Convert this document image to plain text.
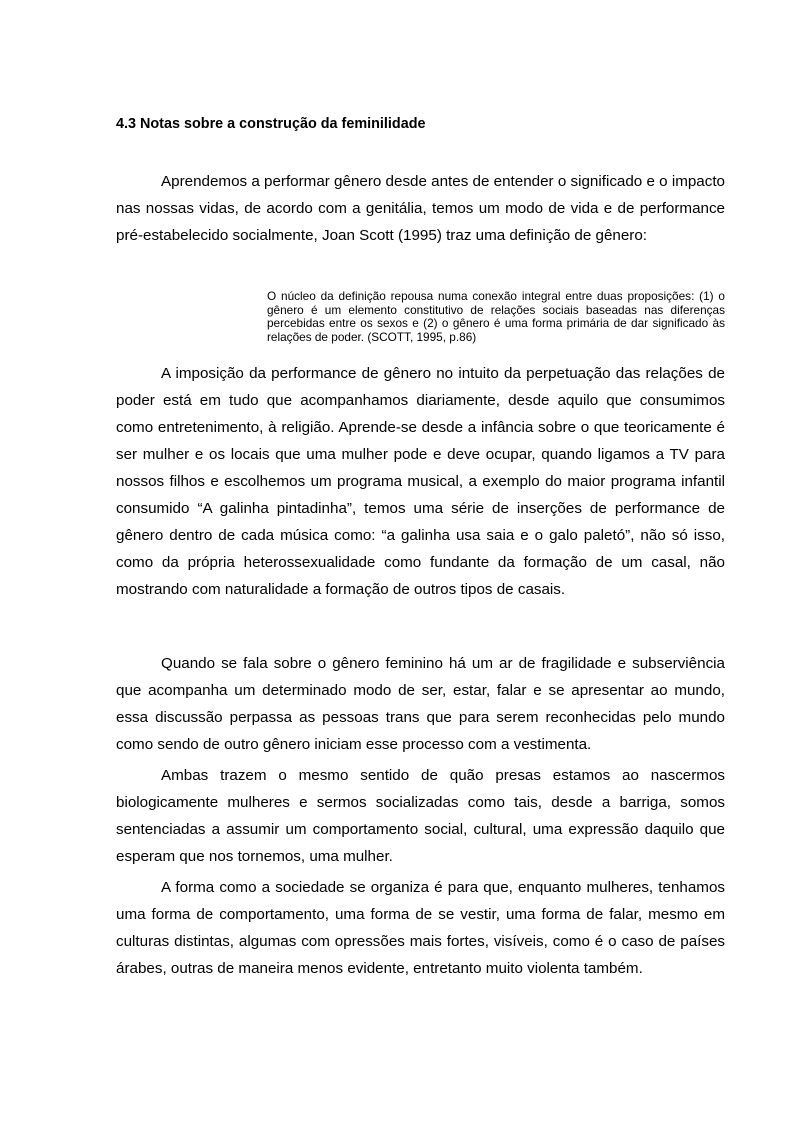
4.3 Notas sobre a construção da feminilidade

Aprendemos a performar gênero desde antes de entender o significado e o impacto nas nossas vidas, de acordo com a genitália, temos um modo de vida e de performance pré-estabelecido socialmente, Joan Scott (1995) traz uma definição de gênero:

O núcleo da definição repousa numa conexão integral entre duas proposições: (1) o gênero é um elemento constitutivo de relações sociais baseadas nas diferenças percebidas entre os sexos e (2) o gênero é uma forma primária de dar significado às relações de poder. (SCOTT, 1995, p.86)

A imposição da performance de gênero no intuito da perpetuação das relações de poder está em tudo que acompanhamos diariamente, desde aquilo que consumimos como entretenimento, à religião. Aprende-se desde a infância sobre o que teoricamente é ser mulher e os locais que uma mulher pode e deve ocupar, quando ligamos a TV para nossos filhos e escolhemos um programa musical, a exemplo do maior programa infantil consumido “A galinha pintadinha”, temos uma série de inserções de performance de gênero dentro de cada música como: “a galinha usa saia e o galo paletó”, não só isso, como da própria heterossexualidade como fundante da formação de um casal, não mostrando com naturalidade a formação de outros tipos de casais.

Quando se fala sobre o gênero feminino há um ar de fragilidade e subserviência que acompanha um determinado modo de ser, estar, falar e se apresentar ao mundo, essa discussão perpassa as pessoas trans que para serem reconhecidas pelo mundo como sendo de outro gênero iniciam esse processo com a vestimenta.

Ambas trazem o mesmo sentido de quão presas estamos ao nascermos biologicamente mulheres e sermos socializadas como tais, desde a barriga, somos sentenciadas a assumir um comportamento social, cultural, uma expressão daquilo que esperam que nos tornemos, uma mulher.

A forma como a sociedade se organiza é para que, enquanto mulheres, tenhamos uma forma de comportamento, uma forma de se vestir, uma forma de falar, mesmo em culturas distintas, algumas com opressões mais fortes, visíveis, como é o caso de países árabes, outras de maneira menos evidente, entretanto muito violenta também.
